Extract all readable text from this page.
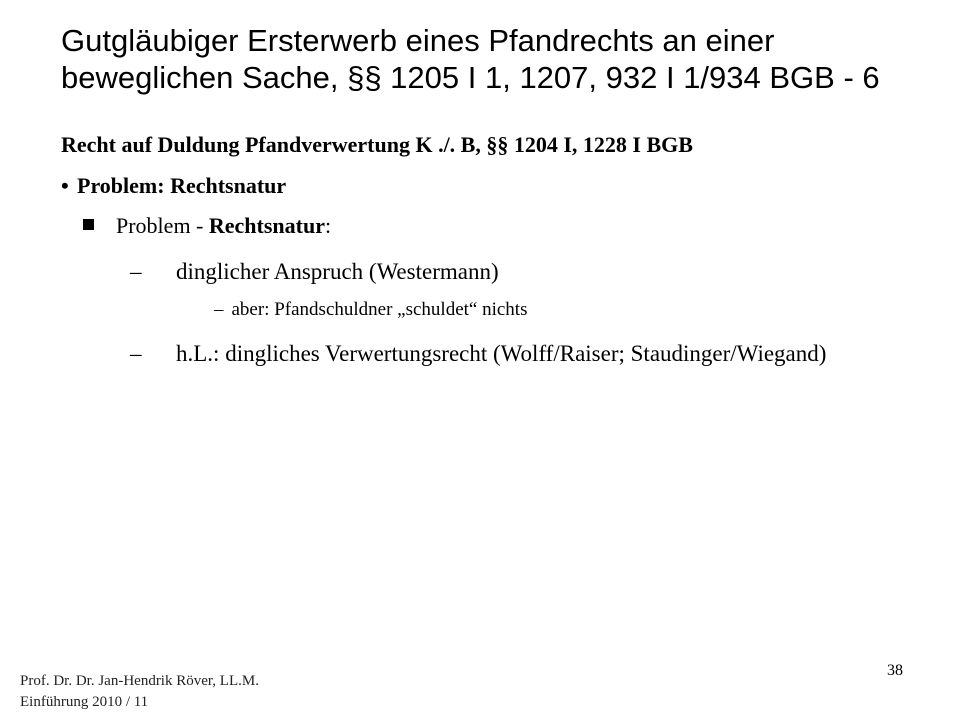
Gutgläubiger Ersterwerb eines Pfandrechts an einer beweglichen Sache, §§ 1205 I 1, 1207, 932 I 1/934 BGB - 6
Recht auf Duldung Pfandverwertung K ./. B, §§ 1204 I, 1228 I BGB
• Problem: Rechtsnatur
Problem - Rechtsnatur:
– dinglicher Anspruch (Westermann)
– aber: Pfandschuldner „schuldet“ nichts
– h.L.: dingliches Verwertungsrecht (Wolff/Raiser; Staudinger/Wiegand)
38
Prof. Dr. Dr. Jan-Hendrik Röver, LL.M.
Einführung 2010 / 11
